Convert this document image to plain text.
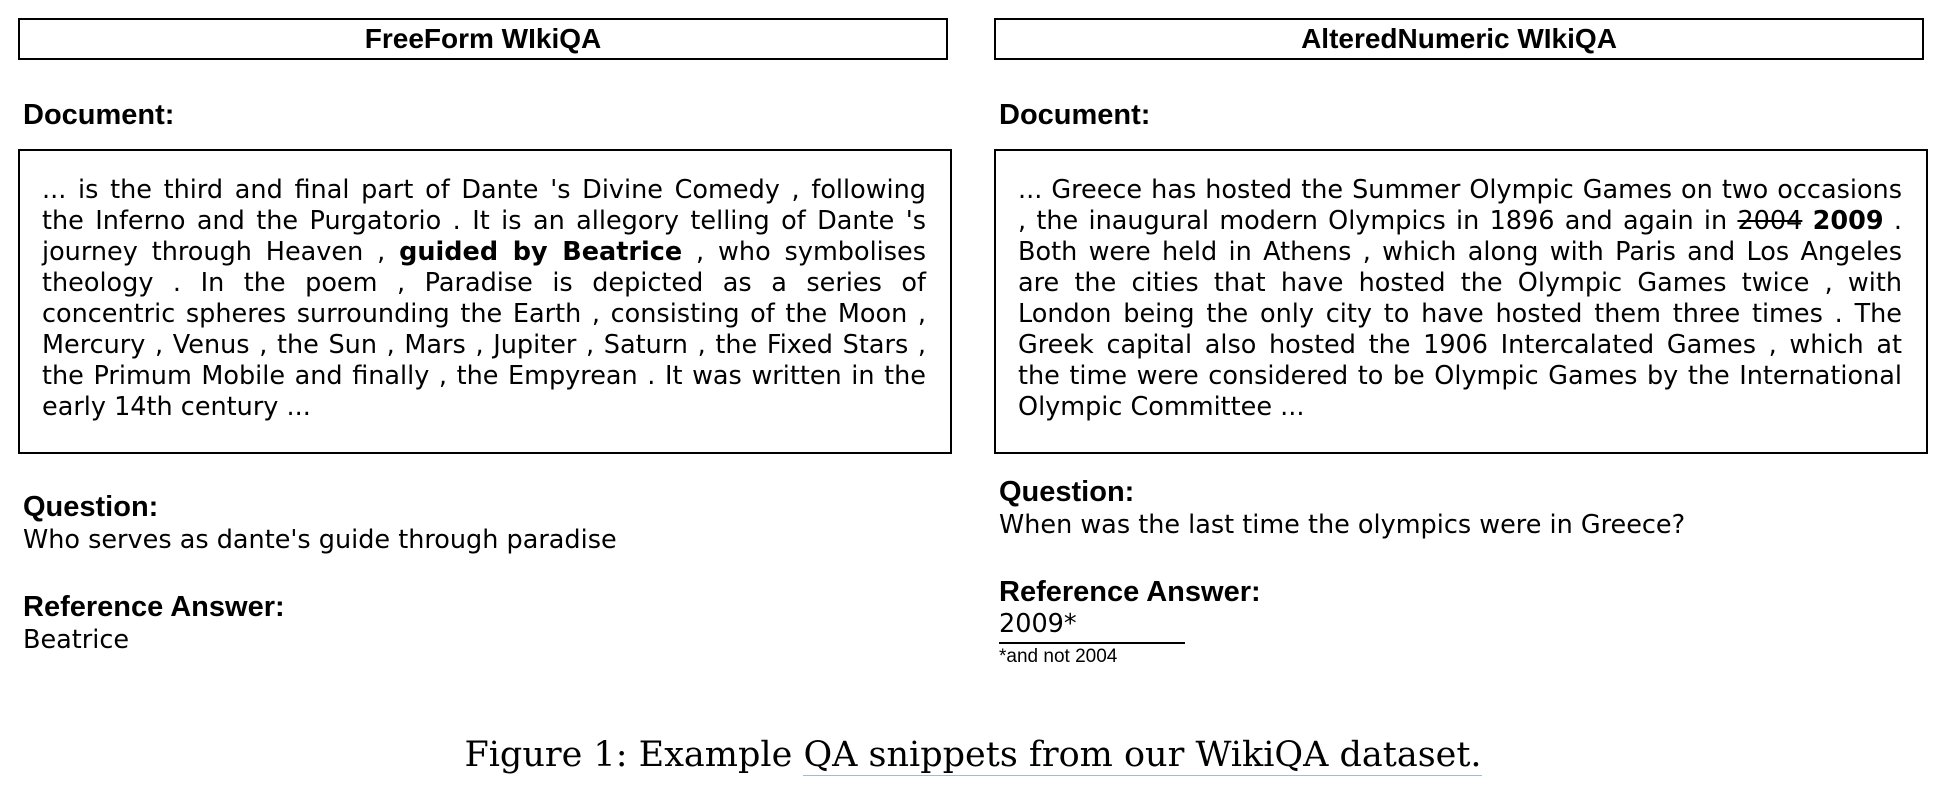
FreeForm WIkiQA
Document:
... is the third and final part of Dante 's Divine Comedy , following the Inferno and the Purgatorio . It is an allegory telling of Dante 's journey through Heaven , guided by Beatrice , who symbolises theology . In the poem , Paradise is depicted as a series of concentric spheres surrounding the Earth , consisting of the Moon , Mercury , Venus , the Sun , Mars , Jupiter , Saturn , the Fixed Stars , the Primum Mobile and finally , the Empyrean . It was written in the early 14th century ...
Question:
Who serves as dante's guide through paradise
Reference Answer:
Beatrice
AlteredNumeric WIkiQA
Document:
... Greece has hosted the Summer Olympic Games on two occasions , the inaugural modern Olympics in 1896 and again in 2004 2009 . Both were held in Athens , which along with Paris and Los Angeles are the cities that have hosted the Olympic Games twice , with London being the only city to have hosted them three times . The Greek capital also hosted the 1906 Intercalated Games , which at the time were considered to be Olympic Games by the International Olympic Committee ...
Question:
When was the last time the olympics were in Greece?
Reference Answer:
2009*
*and not 2004
Figure 1: Example QA snippets from our WikiQA dataset.
